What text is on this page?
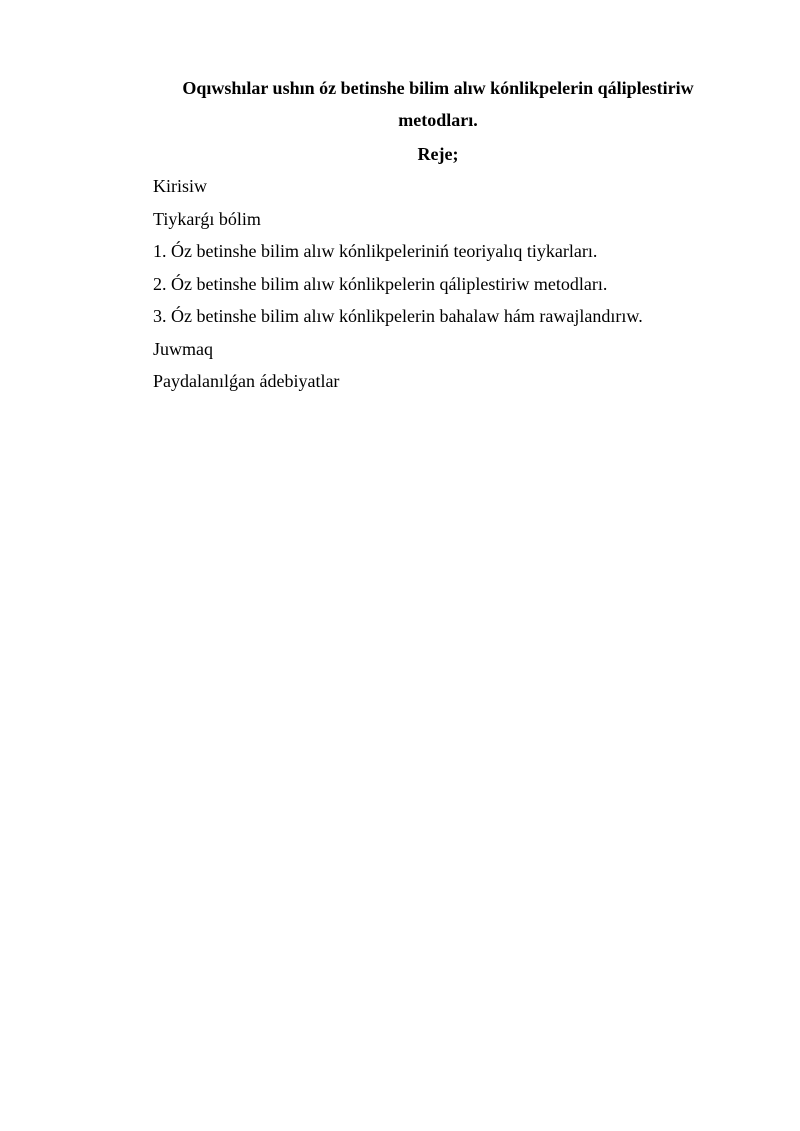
Oqıwshılar ushın óz betinshe bilim alıw kónlikpelerin qáliplestiriw
metodları.
Reje;
Kirisiw
Tiykarǵı bólim
1. Óz betinshe bilim alıw kónlikpeleriniń teoriyalıq tiykarları.
2. Óz betinshe bilim alıw kónlikpelerin qáliplestiriw metodları.
3. Óz betinshe bilim alıw kónlikpelerin bahalaw hám rawajlandırıw.
Juwmaq
Paydalanılǵan ádebiyatlar
